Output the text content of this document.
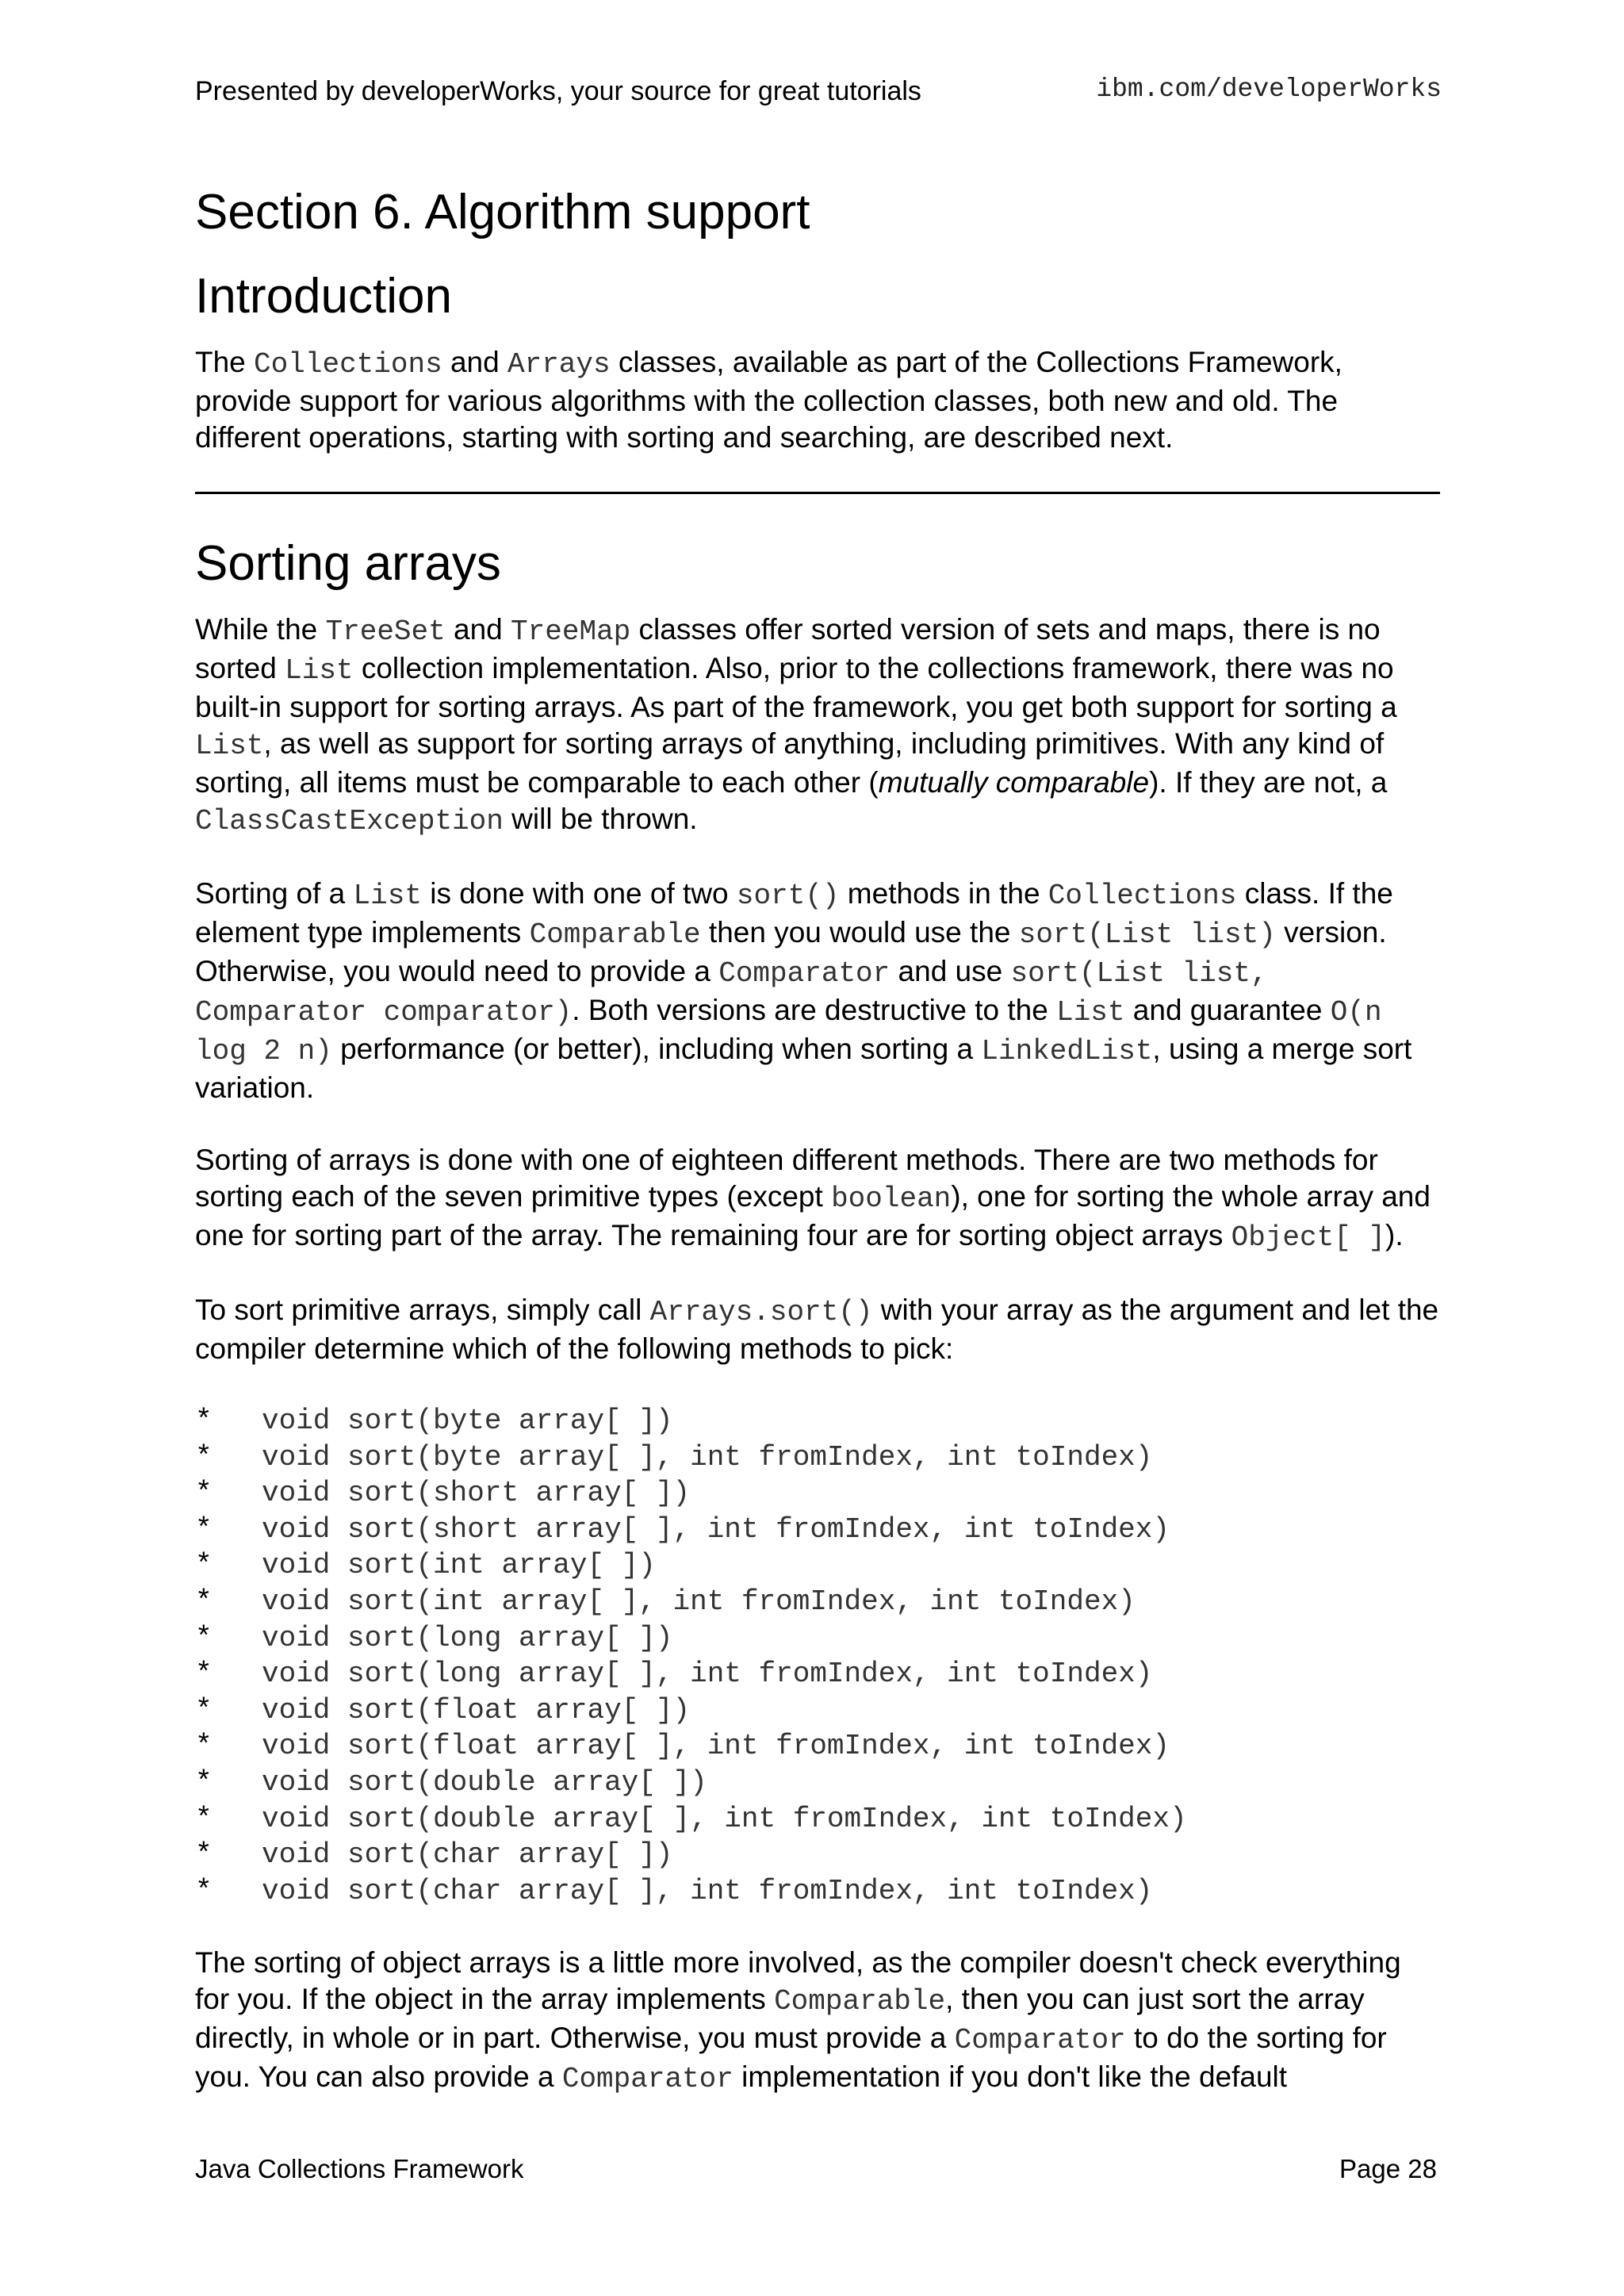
Presented by developerWorks, your source for great tutorials	ibm.com/developerWorks
Section 6. Algorithm support
Introduction

The Collections and Arrays classes, available as part of the Collections Framework, provide support for various algorithms with the collection classes, both new and old. The different operations, starting with sorting and searching, are described next.

Sorting arrays

While the TreeSet and TreeMap classes offer sorted version of sets and maps, there is no sorted List collection implementation. Also, prior to the collections framework, there was no built-in support for sorting arrays. As part of the framework, you get both support for sorting a List, as well as support for sorting arrays of anything, including primitives. With any kind of sorting, all items must be comparable to each other (mutually comparable). If they are not, a ClassCastException will be thrown.

Sorting of a List is done with one of two sort() methods in the Collections class. If the element type implements Comparable then you would use the sort(List list) version. Otherwise, you would need to provide a Comparator and use sort(List list, Comparator comparator). Both versions are destructive to the List and guarantee O(n log 2 n) performance (or better), including when sorting a LinkedList, using a merge sort variation.

Sorting of arrays is done with one of eighteen different methods. There are two methods for sorting each of the seven primitive types (except boolean), one for sorting the whole array and one for sorting part of the array. The remaining four are for sorting object arrays Object[ ]).

To sort primitive arrays, simply call Arrays.sort() with your array as the argument and let the compiler determine which of the following methods to pick:

*	void sort(byte array[ ])
*	void sort(byte array[ ], int fromIndex, int toIndex)
*	void sort(short array[ ])
*	void sort(short array[ ], int fromIndex, int toIndex)
*	void sort(int array[ ])
*	void sort(int array[ ], int fromIndex, int toIndex)
*	void sort(long array[ ])
*	void sort(long array[ ], int fromIndex, int toIndex)
*	void sort(float array[ ])
*	void sort(float array[ ], int fromIndex, int toIndex)
*	void sort(double array[ ])
*	void sort(double array[ ], int fromIndex, int toIndex)
*	void sort(char array[ ])
*	void sort(char array[ ], int fromIndex, int toIndex)

The sorting of object arrays is a little more involved, as the compiler doesn't check everything for you. If the object in the array implements Comparable, then you can just sort the array directly, in whole or in part. Otherwise, you must provide a Comparator to do the sorting for you. You can also provide a Comparator implementation if you don't like the default

Java Collections Framework	Page 28
